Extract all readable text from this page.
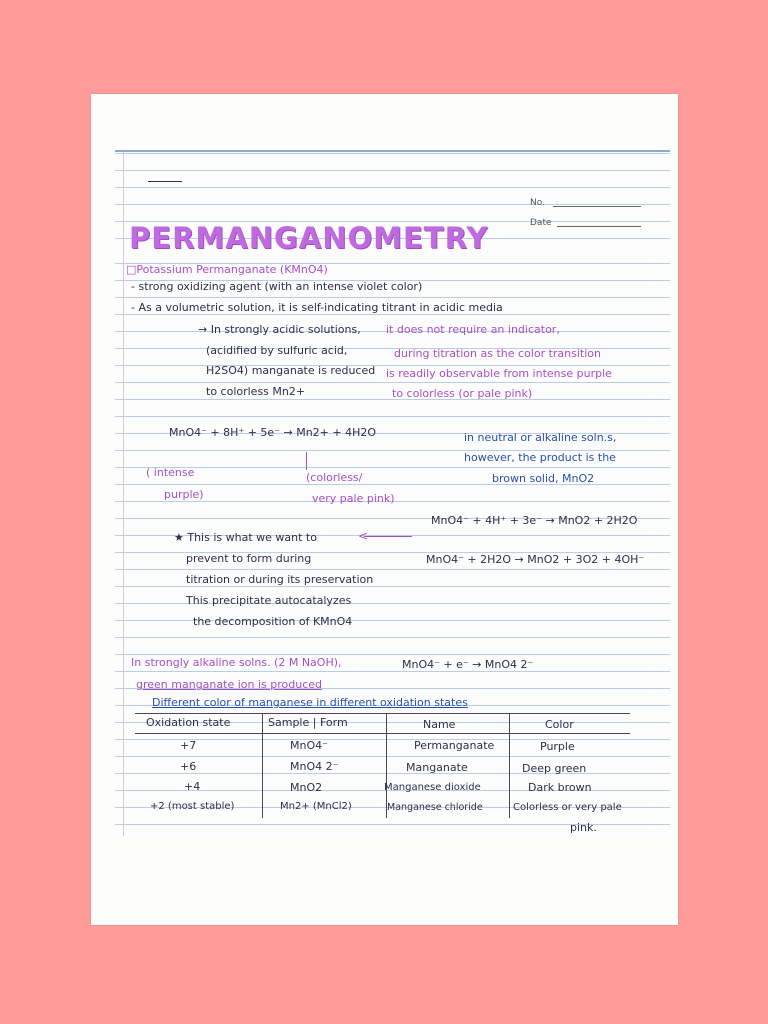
No.
Date
PERMANGANOMETRY
□Potassium Permanganate (KMnO4)
- strong oxidizing agent (with an intense violet color)
- As a volumetric solution, it is self-indicating titrant in acidic media
→ In strongly acidic solutions, it does not require an indicator,
(acidified by sulfuric acid,	during titration as the color transition
H2SO4) manganate is reduced is readily observable from intense purple
to colorless Mn2+	to colorless (or pale pink)
MnO4⁻ + 8H⁺ + 5e⁻ → Mn2+ + 4H2O	in neutral or alkaline soln.s,
however, the product is the
brown solid, MnO2
( intense
purple)
(colorless/
very pale pink)
MnO4⁻ + 4H⁺ + 3e⁻ → MnO2 + 2H2O
MnO4⁻ + 2H2O → MnO2 + 3O2 + 4OH⁻
<
★ This is what we want to
prevent to form during
titration or during its preservation
This precipitate autocatalyzes
the decomposition of KMnO4
In strongly alkaline solns. (2 M NaOH),	MnO4⁻ + e⁻ → MnO4 2⁻
green manganate ion is produced
Different color of manganese in different oxidation states
Oxidation state	Sample | Form	Name	Color
+7	MnO4⁻	Permanganate	Purple
+6	MnO4 2⁻	Manganate	Deep green
+4	MnO2	Manganese dioxide	Dark brown
+2 (most stable)	Mn2+ (MnCl2)	Manganese chloride	Colorless or very pale
pink.
